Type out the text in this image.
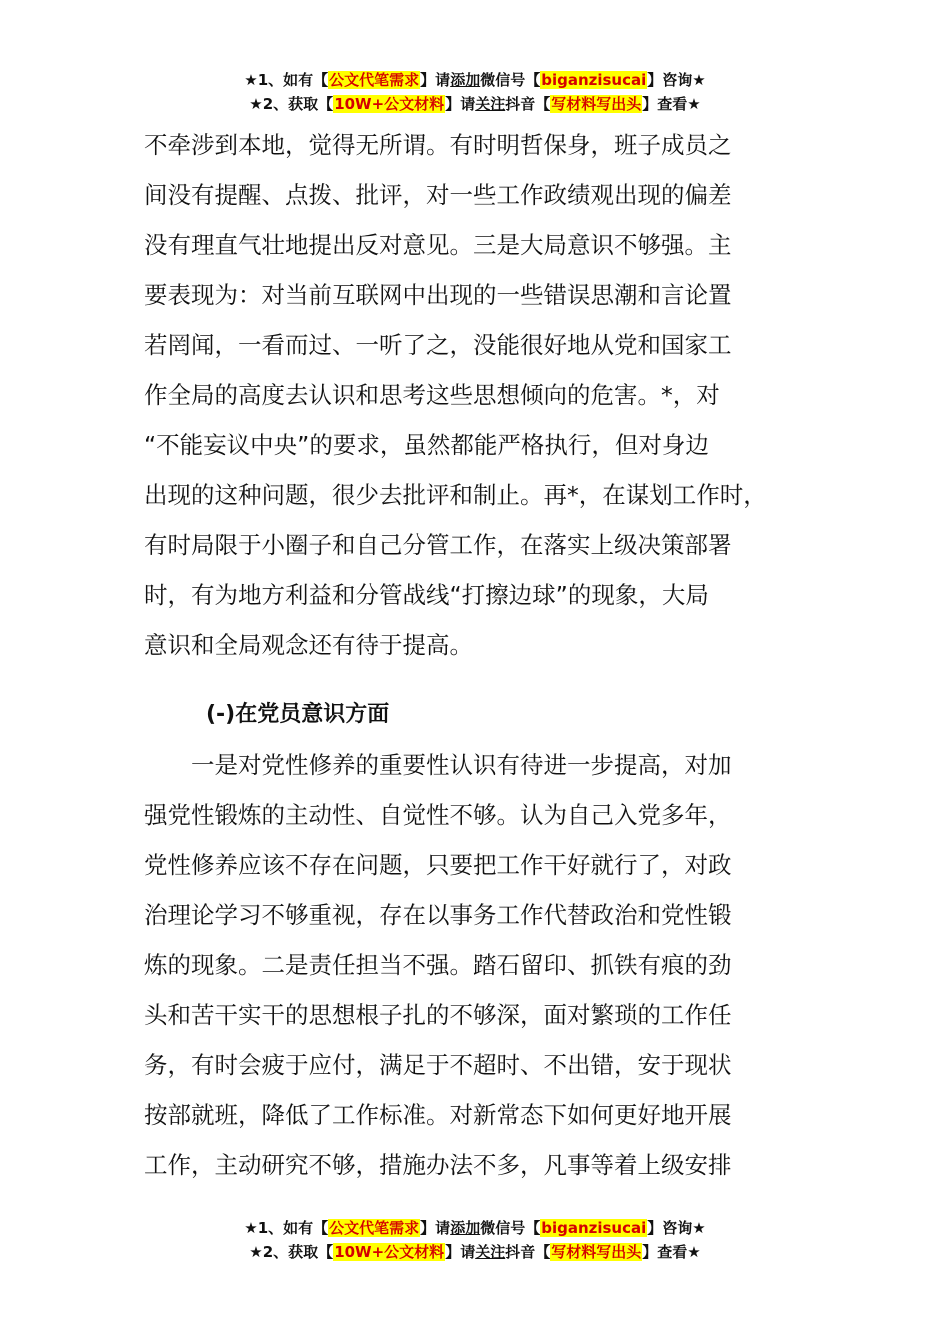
★1、如有【公文代笔需求】请添加微信号【biganzisucai】咨询★
★2、获取【10W+公文材料】请关注抖音【写材料写出头】查看★
不牵涉到本地，觉得无所谓。有时明哲保身，班子成员之
间没有提醒、点拨、批评，对一些工作政绩观出现的偏差
没有理直气壮地提出反对意见。三是大局意识不够强。主
要表现为：对当前互联网中出现的一些错误思潮和言论置
若罔闻，一看而过、一听了之，没能很好地从党和国家工
作全局的高度去认识和思考这些思想倾向的危害。*，对
“不能妄议中央”的要求，虽然都能严格执行，但对身边
出现的这种问题，很少去批评和制止。再*，在谋划工作时，
有时局限于小圈子和自己分管工作，在落实上级决策部署
时，有为地方利益和分管战线“打擦边球”的现象，大局
意识和全局观念还有待于提高。
(-)在党员意识方面
一是对党性修养的重要性认识有待进一步提高，对加
强党性锻炼的主动性、自觉性不够。认为自己入党多年，
党性修养应该不存在问题，只要把工作干好就行了，对政
治理论学习不够重视，存在以事务工作代替政治和党性锻
炼的现象。二是责任担当不强。踏石留印、抓铁有痕的劲
头和苦干实干的思想根子扎的不够深，面对繁琐的工作任
务，有时会疲于应付，满足于不超时、不出错，安于现状
按部就班，降低了工作标准。对新常态下如何更好地开展
工作，主动研究不够，措施办法不多，凡事等着上级安排
★1、如有【公文代笔需求】请添加微信号【biganzisucai】咨询★
★2、获取【10W+公文材料】请关注抖音【写材料写出头】查看★
